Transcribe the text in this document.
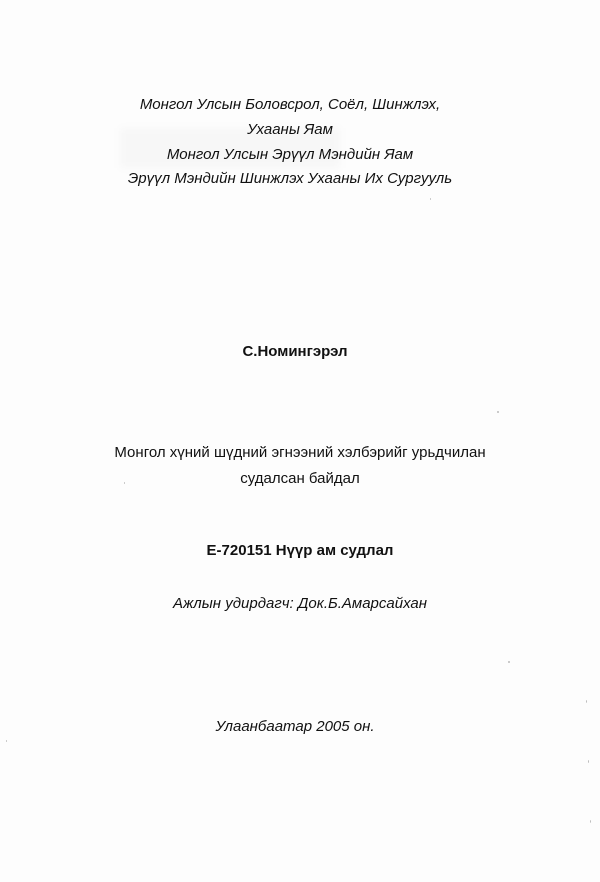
Монгол Улсын Боловсрол, Соёл, Шинжлэх,
Ухааны Яам
Монгол Улсын Эрүүл Мэндийн Яам
Эрүүл Мэндийн Шинжлэх Ухааны Их Сургууль
С.Номингэрэл
Монгол хүний шүдний эгнээний хэлбэрийг урьдчилан
судалсан байдал
E-720151 Нүүр ам судлал
Ажлын удирдагч: Док.Б.Амарсайхан
Улаанбаатар 2005 он.
